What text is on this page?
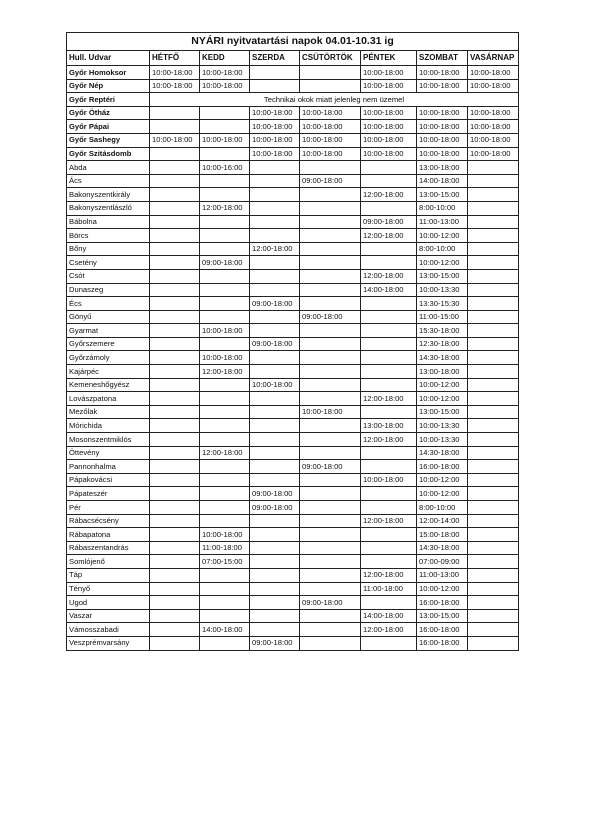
NYÁRI nyitvatartási napok 04.01-10.31 ig							
Hull. Udvar	HÉTFŐ	KEDD	SZERDA	CSÜTÖRTÖK	PÉNTEK	SZOMBAT	VASÁRNAP
Győr Homoksor	10:00-18:00	10:00-18:00			10:00-18:00	10:00-18:00	10:00-18:00
Győr Nép	10:00-18:00	10:00-18:00			10:00-18:00	10:00-18:00	10:00-18:00
Győr Reptéri	Technikai okok miatt jelenleg nem üzemel						
Győr Ötház			10:00-18:00	10:00-18:00	10:00-18:00	10:00-18:00	10:00-18:00
Győr Pápai			10:00-18:00	10:00-18:00	10:00-18:00	10:00-18:00	10:00-18:00
Győr Sashegy	10:00-18:00	10:00-18:00	10:00-18:00	10:00-18:00	10:00-18:00	10:00-18:00	10:00-18:00
Győr Szitásdomb			10:00-18:00	10:00-18:00	10:00-18:00	10:00-18:00	10:00-18:00
Abda		10:00-16:00				13:00-18:00	
Ács				09:00-18:00		14:00-18:00	
Bakonyszentkirály					12:00-18:00	13:00-15:00	
Bakonyszentlászló		12:00-18:00				8:00-10:00	
Bábolna					09:00-18:00	11:00-13:00	
Börcs					12:00-18:00	10:00-12:00	
Bőny			12:00-18:00			8:00-10:00	
Csetény		09:00-18:00				10:00-12:00	
Csót					12:00-18:00	13:00-15:00	
Dunaszeg					14:00-18:00	10:00-13:30	
Écs			09:00-18:00			13:30-15:30	
Gönyű				09:00-18:00		11:00-15:00	
Gyarmat		10:00-18:00				15:30-18:00	
Győrszemere			09:00-18:00			12:30-18:00	
Győrzámoly		10:00-18:00				14:30-18:00	
Kajárpéc		12:00-18:00				13:00-18:00	
Kemeneshőgyész			10:00-18:00			10:00-12:00	
Lovászpatona					12:00-18:00	10:00-12:00	
Mezőlak				10:00-18:00		13:00-15:00	
Mórichida					13:00-18:00	10:00-13:30	
Mosonszentmiklós					12:00-18:00	10:00-13:30	
Öttevény		12:00-18:00				14:30-18:00	
Pannonhalma				09:00-18:00		16:00-18:00	
Pápakovácsi					10:00-18:00	10:00-12:00	
Pápateszér			09:00-18:00			10:00-12:00	
Pér			09:00-18:00			8:00-10:00	
Rábacsécsény					12:00-18:00	12:00-14:00	
Rábapatona		10:00-18:00				15:00-18:00	
Rábaszentandrás		11:00-18:00				14:30-18:00	
Somlójenő		07:00-15:00				07:00-09:00	
Táp					12:00-18:00	11:00-13:00	
Tényő					11:00-18:00	10:00-12:00	
Ugod				09:00-18:00		16:00-18:00	
Vaszar					14:00-18:00	13:00-15:00	
Vámosszabadi		14:00-18:00			12:00-18:00	16:00-18:00	
Veszprémvarsány			09:00-18:00			16:00-18:00	
